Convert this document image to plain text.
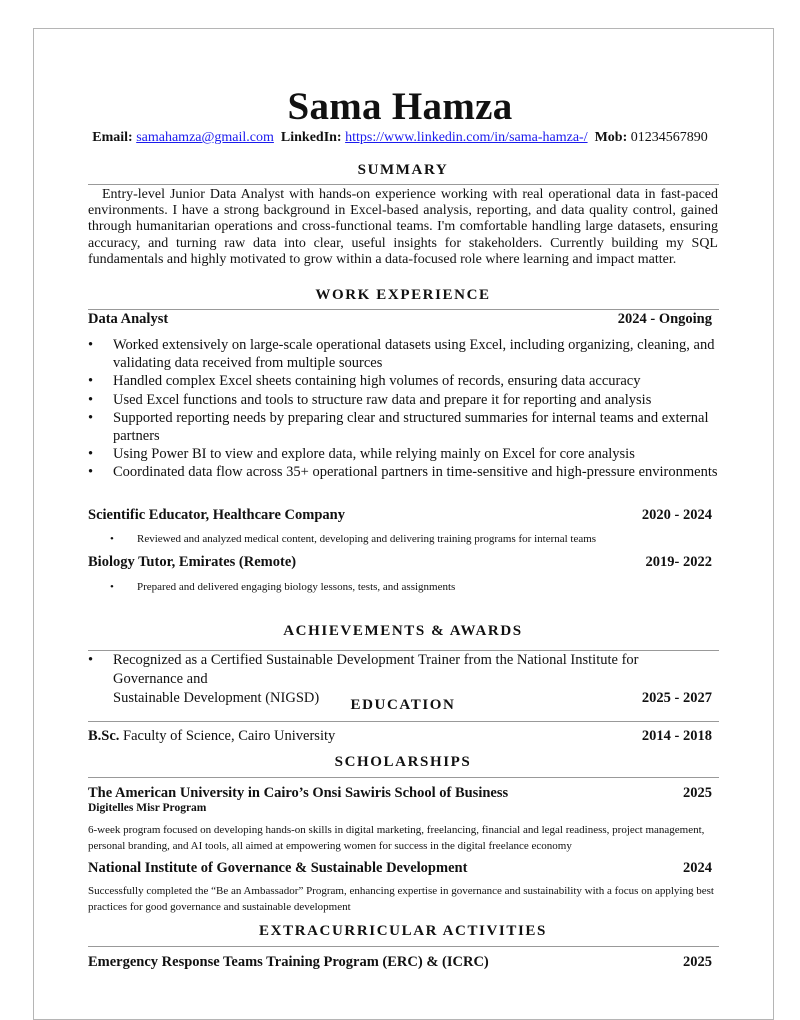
Sama Hamza
Email: samahamza@gmail.com LinkedIn: https://www.linkedin.com/in/sama-hamza-/ Mob: 01234567890
SUMMARY
Entry-level Junior Data Analyst with hands-on experience working with real operational data in fast-paced environments. I have a strong background in Excel-based analysis, reporting, and data quality control, gained through humanitarian operations and cross-functional teams. I'm comfortable handling large datasets, ensuring accuracy, and turning raw data into clear, useful insights for stakeholders. Currently building my SQL fundamentals and highly motivated to grow within a data-focused role where learning and impact matter.
WORK EXPERIENCE
Data Analyst	2024 - Ongoing
• Worked extensively on large-scale operational datasets using Excel, including organizing, cleaning, and validating data received from multiple sources
• Handled complex Excel sheets containing high volumes of records, ensuring data accuracy
• Used Excel functions and tools to structure raw data and prepare it for reporting and analysis
• Supported reporting needs by preparing clear and structured summaries for internal teams and external partners
• Using Power BI to view and explore data, while relying mainly on Excel for core analysis
• Coordinated data flow across 35+ operational partners in time-sensitive and high-pressure environments
Scientific Educator, Healthcare Company	2020 - 2024
• Reviewed and analyzed medical content, developing and delivering training programs for internal teams
Biology Tutor, Emirates (Remote)	2019- 2022
• Prepared and delivered engaging biology lessons, tests, and assignments
ACHIEVEMENTS & AWARDS
• Recognized as a Certified Sustainable Development Trainer from the National Institute for Governance and
Sustainable Development (NIGSD)	2025 - 2027
EDUCATION
B.Sc. Faculty of Science, Cairo University	2014 - 2018
SCHOLARSHIPS
The American University in Cairo’s Onsi Sawiris School of Business	2025
Digitelles Misr Program
6-week program focused on developing hands-on skills in digital marketing, freelancing, financial and legal readiness, project management, personal branding, and AI tools, all aimed at empowering women for success in the digital freelance economy
National Institute of Governance & Sustainable Development	2024
Successfully completed the “Be an Ambassador” Program, enhancing expertise in governance and sustainability with a focus on applying best practices for good governance and sustainable development
EXTRACURRICULAR ACTIVITIES
Emergency Response Teams Training Program (ERC) & (ICRC)	2025
